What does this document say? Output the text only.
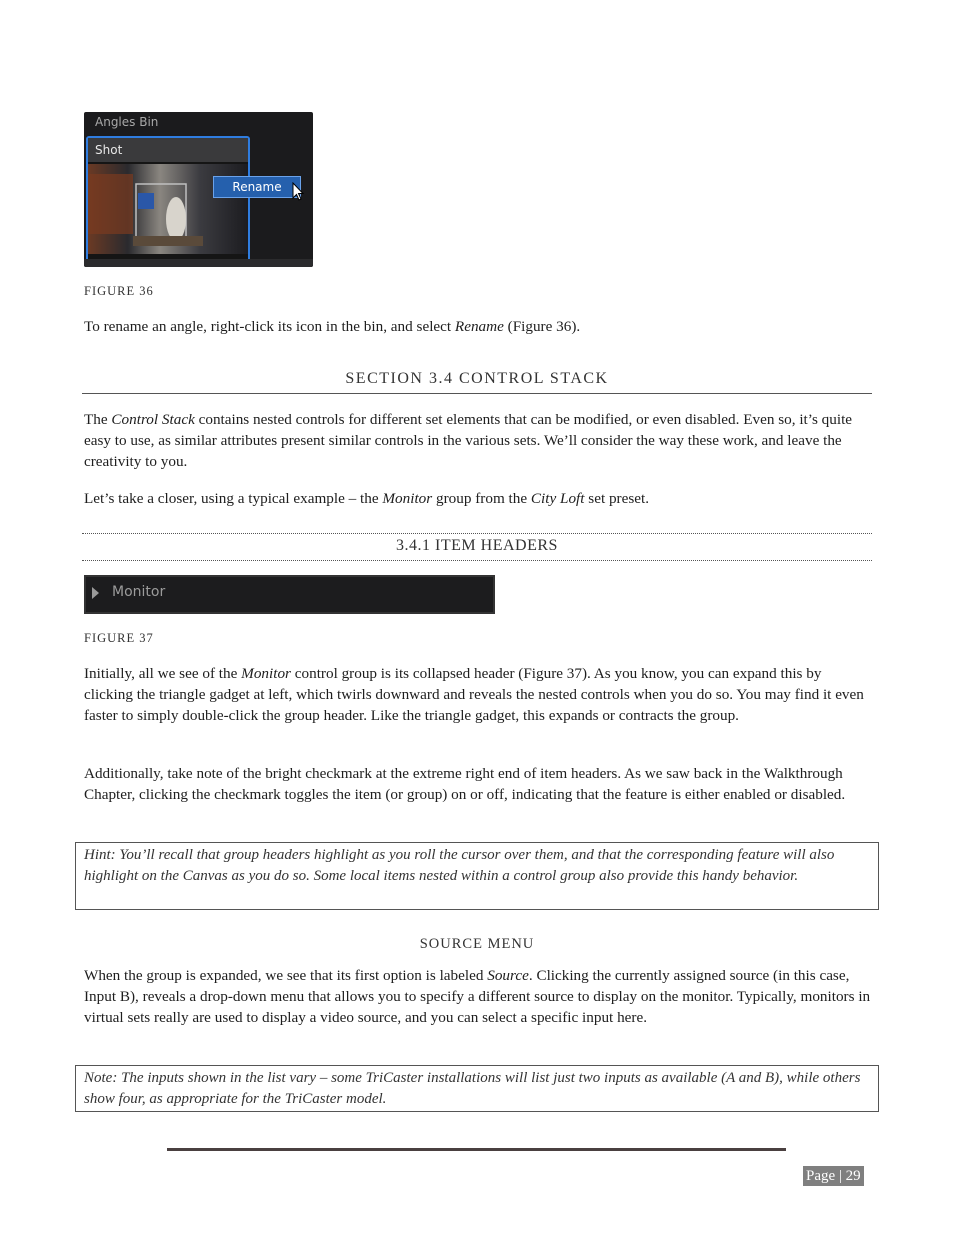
Angles Bin
Shot
Rename
FIGURE 36

To rename an angle, right-click its icon in the bin, and select Rename (Figure 36).

SECTION 3.4 CONTROL STACK

The Control Stack contains nested controls for different set elements that can be modified, or even disabled. Even so, it’s quite easy to use, as similar attributes present similar controls in the various sets. We’ll consider the way these work, and leave the creativity to you.

Let’s take a closer, using a typical example – the Monitor group from the City Loft set preset.

3.4.1 ITEM HEADERS
Monitor
FIGURE 37

Initially, all we see of the Monitor control group is its collapsed header (Figure 37). As you know, you can expand this by clicking the triangle gadget at left, which twirls downward and reveals the nested controls when you do so. You may find it even faster to simply double-click the group header. Like the triangle gadget, this expands or contracts the group.

Additionally, take note of the bright checkmark at the extreme right end of item headers. As we saw back in the Walkthrough Chapter, clicking the checkmark toggles the item (or group) on or off, indicating that the feature is either enabled or disabled.

Hint: You’ll recall that group headers highlight as you roll the cursor over them, and that the corresponding feature will also highlight on the Canvas as you do so. Some local items nested within a control group also provide this handy behavior.
SOURCE MENU

When the group is expanded, we see that its first option is labeled Source. Clicking the currently assigned source (in this case, Input B), reveals a drop-down menu that allows you to specify a different source to display on the monitor. Typically, monitors in virtual sets really are used to display a video source, and you can select a specific input here.

Note: The inputs shown in the list vary – some TriCaster installations will list just two inputs as available (A and B), while others show four, as appropriate for the TriCaster model.
Page | 29
